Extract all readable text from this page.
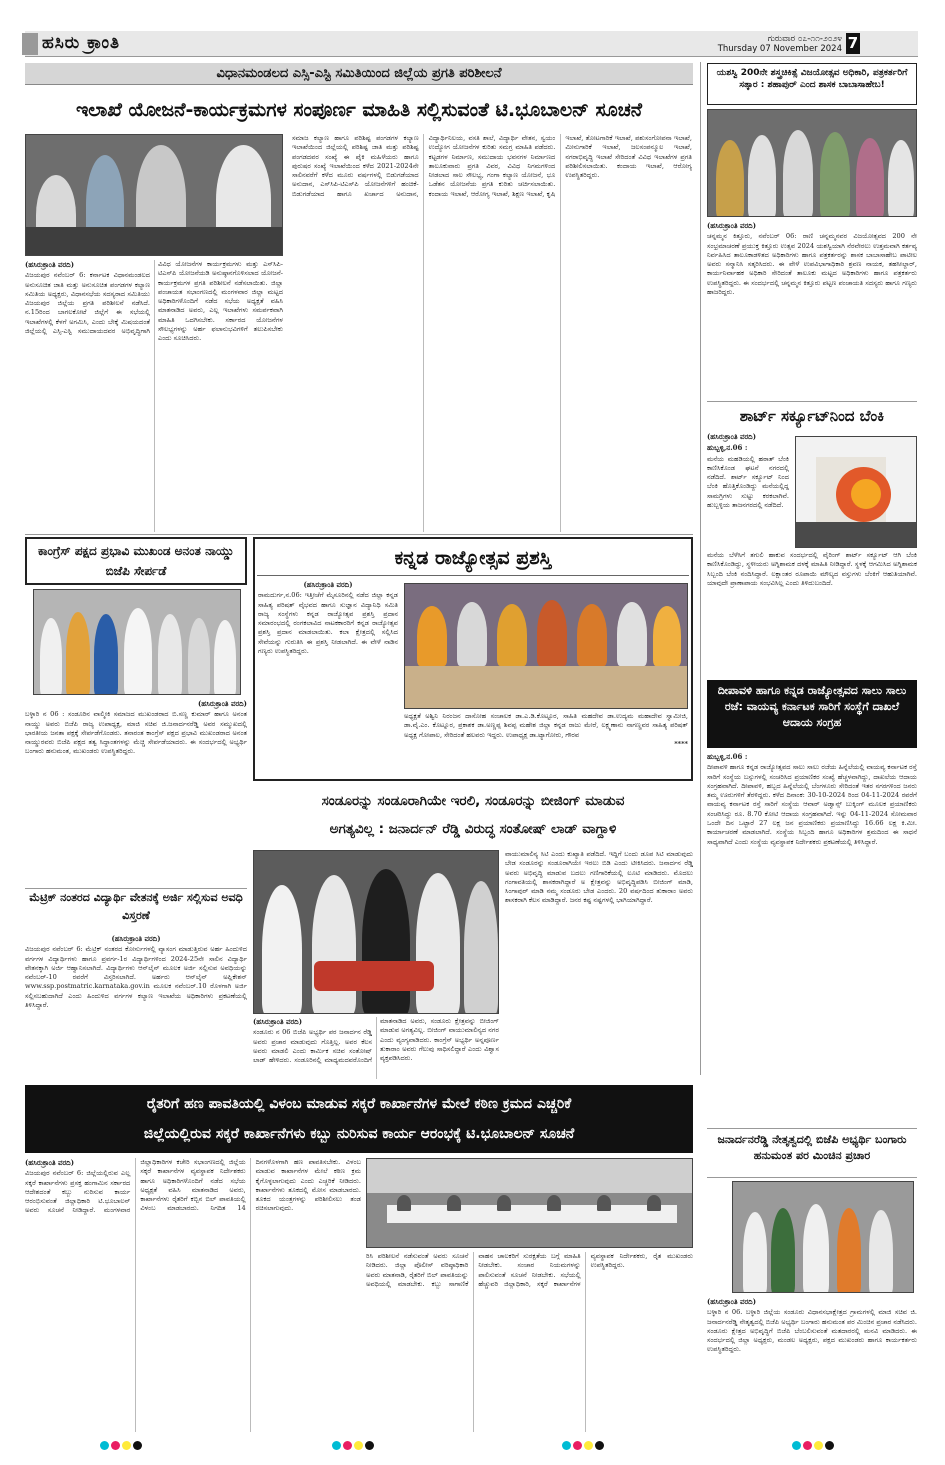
ಹಸಿರು ಕ್ರಾಂತಿ	ಗುರುವಾರ ೦೭-೧೧-೨೦೨೪
Thursday 07 November 2024 7
ವಿಧಾನಮಂಡಲದ ಎಸ್ಸಿ-ಎಸ್ಟಿ ಸಮಿತಿಯಿಂದ ಜಿಲ್ಲೆಯ ಪ್ರಗತಿ ಪರಿಶೀಲನೆ
ಇಲಾಖೆ ಯೋಜನೆ-ಕಾರ್ಯಕ್ರಮಗಳ ಸಂಪೂರ್ಣ ಮಾಹಿತಿ ಸಲ್ಲಿಸುವಂತೆ ಟಿ.ಭೂಬಾಲನ್ ಸೂಚನೆ
(ಹಸಿರುಕ್ರಾಂತಿ ವರದಿ)
ವಿಜಯಪುರ ನವೆಂಬರ್ 6: ಕರ್ನಾಟಕ ವಿಧಾನಮಂಡಲದ ಅನುಸೂಚಿತ ಜಾತಿ ಮತ್ತು ಅನುಸೂಚಿತ ಪಂಗಡಗಳ ಕಲ್ಯಾಣ ಸಮಿತಿಯ ಅಧ್ಯಕ್ಷರು, ವಿಧಾನಸಭೆಯ ಸದಸ್ಯರಾದ ಸಮಿತಿಯು ವಿಜಯಪುರ ಜಿಲ್ಲೆಯ ಪ್ರಗತಿ ಪರಿಶೀಲನೆ ನಡೆಸಿದೆ. ನ.15ರಿಂದ ಬಾಗಲಕೋಟೆ ಜಿಲ್ಲೆಗೆ ಈ ಸಭೆಯಲ್ಲಿ ಇಲಾಖೆಗಳಲ್ಲಿ ಕೆಳಗೆ ಅಗಮಿಸಿ, ಎಂದು ಬೇಕ್ಕೆ ಮಿಷಯದಂತೆ ಜಿಲ್ಲೆಯಲ್ಲಿ ಎಸ್ಸಿ-ಎಸ್ಟಿ ಸಮುದಾಯದವರ ಅಭಿವೃದ್ಧಿಗಾಗಿ ವಿವಿಧ ಯೋಜನೆಗಳ ಕಾರ್ಯಕ್ರಮಗಳು ಮತ್ತು ಎಸ್‌ಸಿಪಿ-ಟಿಎಸ್‌ಪಿ ಯೋಜನೆಯಡಿ ಅನುಷ್ಠಾನಗೊಳಿಸಲಾದ ಯೋಜನೆ-ಕಾರ್ಯಕ್ರಮಗಳ ಪ್ರಗತಿ ಪರಿಶೀಲನೆ ನಡೆಸಲಾಯಿತು. ಜಿಲ್ಲಾ ಪಂಚಾಯತ ಸಭಾಂಗಣದಲ್ಲಿ ಮಂಗಳವಾರ ಜಿಲ್ಲಾ ಮಟ್ಟದ ಅಧಿಕಾರಿಗಳೊಂದಿಗೆ ನಡೆದ ಸಭೆಯ ಅಧ್ಯಕ್ಷತೆ ವಹಿಸಿ ಮಾತನಾಡಿದ ಅವರು, ಎಲ್ಲ ಇಲಾಖೆಗಳು ಸಮರ್ಪಕವಾಗಿ ಮಾಹಿತಿ ಒದಗಿಸಬೇಕು. ಸರ್ಕಾರದ ಯೋಜನೆಗಳ ಸೌಲಭ್ಯಗಳನ್ನು ಅರ್ಹ ಫಲಾನುಭವಿಗಳಿಗೆ ತಲುಪಿಸಬೇಕು ಎಂದು ಸೂಚಿಸಿದರು.
ಸಮಾಜ ಕಲ್ಯಾಣ ಹಾಗೂ ಪರಿಶಿಷ್ಟ ಪಂಗಡಗಳ ಕಲ್ಯಾಣ ಇಲಾಖೆಯಿಂದ ಜಿಲ್ಲೆಯಲ್ಲಿ ಪರಿಶಿಷ್ಟ ಜಾತಿ ಮತ್ತು ಪರಿಶಿಷ್ಟ ಪಂಗಡದವರ ಸಂಖ್ಯೆ ಈ ಪೈಕಿ ಮಹಿಳೆಯರು ಹಾಗೂ ಪುರುಷರ ಸಂಖ್ಯೆ ಇಲಾಖೆಯಿಂದ ಕಳೆದ 2021-2024ನೇ ಸಾಲಿನವರೆಗೆ ಕಳೆದ ಮೂರು ವರ್ಷಗಳಲ್ಲಿ ಬಿಡುಗಡೆಯಾದ ಅನುದಾನ, ಎಸ್‌ಸಿಪಿ-ಟಿಎಸ್‌ಪಿ ಯೋಜನೆಗಳಿಗೆ ಹಂಚಿಕೆ-ಬಿಡುಗಡೆಯಾದ ಹಾಗೂ ಖರ್ಚಾದ ಅನುದಾನ, ವಿದ್ಯಾರ್ಥಿನಿಲಯ, ವಸತಿ ಶಾಲೆ, ವಿದ್ಯಾರ್ಥಿ ವೇತನ, ಸ್ವಯಂ ಉದ್ಯೋಗ ಯೋಜನೆಗಳ ಕುರಿತು ಸಮಗ್ರ ಮಾಹಿತಿ ಪಡೆದರು. ಕಟ್ಟಡಗಳ ನಿರ್ಮಾಣ, ಸಮುದಾಯ ಭವನಗಳ ನಿರ್ಮಾಣದ ತಾಲೂಕುವಾರು ಪ್ರಗತಿ ವಿವರ, ವಿವಿಧ ನಿಗಮಗಳಿಂದ ನೀಡಲಾದ ಸಾಲ ಸೌಲಭ್ಯ, ಗಂಗಾ ಕಲ್ಯಾಣ ಯೋಜನೆ, ಭೂ ಒಡೆತನ ಯೋಜನೆಯ ಪ್ರಗತಿ ಕುರಿತು ಚರ್ಚಿಸಲಾಯಿತು. ಕಂದಾಯ ಇಲಾಖೆ, ಆರೋಗ್ಯ ಇಲಾಖೆ, ಶಿಕ್ಷಣ ಇಲಾಖೆ, ಕೃಷಿ ಇಲಾಖೆ, ತೋಟಗಾರಿಕೆ ಇಲಾಖೆ, ಪಶುಸಂಗೋಪನಾ ಇಲಾಖೆ, ಮೀನುಗಾರಿಕೆ ಇಲಾಖೆ, ಜಲಸಂಪನ್ಮೂಲ ಇಲಾಖೆ, ನಗರಾಭಿವೃದ್ಧಿ ಇಲಾಖೆ ಸೇರಿದಂತೆ ವಿವಿಧ ಇಲಾಖೆಗಳ ಪ್ರಗತಿ ಪರಿಶೀಲಿಸಲಾಯಿತು. ಕಂದಾಯ ಇಲಾಖೆ, ಆರೋಗ್ಯ ಉಪಸ್ಥಿತರಿದ್ದರು.
ಯಶಸ್ವಿ 200ನೇ ಶಸ್ತ್ರಚಿಕಿತ್ಸೆ ವಿಜಯೋತ್ಸವ ಅಧಿಕಾರಿ, ಪತ್ರಕರ್ತರಿಗೆ ಸತ್ಕಾರ : ಶಹಾಪುರ್ ಎಂದ ಶಾಸಕ ಬಾಬಾಸಾಹೇಬ!
(ಹಸಿರುಕ್ರಾಂತಿ ವರದಿ)
ಚನ್ನಮ್ಮನ ಕಿತ್ತೂರು, ನವೆಂಬರ್ 06: ರಾಣಿ ಚನ್ನಮ್ಮನವರ ವಿಜಯೋತ್ಸವದ 200 ನೇ ಸಂಭ್ರಮಾಚರಣೆ ಪ್ರಯುಕ್ತ ಕಿತ್ತೂರು ಉತ್ಸವ 2024 ಯಶಸ್ವಿಯಾಗಿ ನೆರವೇರಲು ಉತ್ತಮವಾಗಿ ಕರ್ತವ್ಯ ನಿರ್ವಹಿಸಿದ ತಾಲೂಕಾಡಳಿತದ ಅಧಿಕಾರಿಗಳು ಹಾಗೂ ಪತ್ರಕರ್ತರನ್ನು ಶಾಸಕ ಬಾಬಾಸಾಹೇಬ ಪಾಟೀಲ ಅವರು ಸನ್ಮಾನಿಸಿ ಸತ್ಕರಿಸಿದರು. ಈ ವೇಳೆ ಉಪವಿಭಾಗಾಧಿಕಾರಿ ಶ್ರವಣ ನಾಯಕ, ತಹಸೀಲ್ದಾರ್, ಕಾರ್ಯನಿರ್ವಾಹಕ ಅಧಿಕಾರಿ ಸೇರಿದಂತೆ ತಾಲೂಕು ಮಟ್ಟದ ಅಧಿಕಾರಿಗಳು ಹಾಗೂ ಪತ್ರಕರ್ತರು ಉಪಸ್ಥಿತರಿದ್ದರು. ಈ ಸಂದರ್ಭದಲ್ಲಿ ಚನ್ನಮ್ಮನ ಕಿತ್ತೂರು ಪಟ್ಟಣ ಪಂಚಾಯತಿ ಸದಸ್ಯರು ಹಾಗೂ ಗಣ್ಯರು ಹಾಜರಿದ್ದರು.
ಶಾರ್ಟ್ ಸರ್ಕ್ಯೂಟ್‌ನಿಂದ ಬೆಂಕಿ
(ಹಸಿರುಕ್ರಾಂತಿ ವರದಿ)
ಹುಬ್ಬಳ್ಳಿ,ನ.06 :
ಮನೆಯ ಮಹಡಿಯಲ್ಲಿ ಹಠಾತ್ ಬೆಂಕಿ ಕಾಣಿಸಿಕೊಂಡ ಘಟನೆ ನಗರದಲ್ಲಿ ನಡೆದಿದೆ. ಶಾರ್ಟ್ ಸರ್ಕ್ಯೂಟ್ ನಿಂದ ಬೆಂಕಿ ಹೊತ್ತಿಕೊಂಡಿದ್ದು ಮನೆಯಲ್ಲಿದ್ದ ಸಾಮಗ್ರಿಗಳು ಸುಟ್ಟು ಕರಕಲಾಗಿವೆ. ಹುಬ್ಬಳ್ಳಿಯ ತಾಜನಗರದಲ್ಲಿ ನಡೆದಿದೆ.
ಮನೆಯ ಬೆಳೆಸಿಗೆ ತಗುಲಿ ಹಾಕುವ ಸಂದರ್ಭದಲ್ಲಿ ವೈರಿಂಗ್ ಶಾರ್ಟ್ ಸರ್ಕ್ಯೂಟ್ ಆಗಿ ಬೆಂಕಿ ಕಾಣಿಸಿಕೊಂಡಿದ್ದು, ಸ್ಥಳೀಯರು ಅಗ್ನಿಶಾಮಕ ದಳಕ್ಕೆ ಮಾಹಿತಿ ನೀಡಿದ್ದಾರೆ. ಸ್ಥಳಕ್ಕೆ ಆಗಮಿಸಿದ ಅಗ್ನಿಶಾಮಕ ಸಿಬ್ಬಂದಿ ಬೆಂಕಿ ನಂದಿಸಿದ್ದಾರೆ. ಲಕ್ಷಾಂತರ ರೂಪಾಯಿ ಮೌಲ್ಯದ ವಸ್ತುಗಳು ಬೆಂಕಿಗೆ ಆಹುತಿಯಾಗಿವೆ. ಯಾವುದೇ ಪ್ರಾಣಾಪಾಯ ಸಂಭವಿಸಿಲ್ಲ ಎಂದು ತಿಳಿದುಬಂದಿದೆ.
ದೀಪಾವಳಿ ಹಾಗೂ ಕನ್ನಡ ರಾಜ್ಯೋತ್ಸವದ ಸಾಲು ಸಾಲು ರಜೆ: ವಾಯವ್ಯ ಕರ್ನಾಟಕ ಸಾರಿಗೆ ಸಂಸ್ಥೆಗೆ ದಾಖಲೆ ಆದಾಯ ಸಂಗ್ರಹ
ಹುಬ್ಬಳ್ಳಿ,ನ.06 :
ದೀಪಾವಳಿ ಹಾಗೂ ಕನ್ನಡ ರಾಜ್ಯೋತ್ಸವದ ಸಾಲು ಸಾಲು ರಜೆಯ ಹಿನ್ನೆಲೆಯಲ್ಲಿ ವಾಯವ್ಯ ಕರ್ನಾಟಕ ರಸ್ತೆ ಸಾರಿಗೆ ಸಂಸ್ಥೆಯ ಬಸ್ಸುಗಳಲ್ಲಿ ಸಂಚರಿಸಿದ ಪ್ರಯಾಣಿಕರ ಸಂಖ್ಯೆ ಹೆಚ್ಚಳವಾಗಿದ್ದು, ದಾಖಲೆಯ ಆದಾಯ ಸಂಗ್ರಹವಾಗಿದೆ. ದೀಪಾವಳಿ, ಹಬ್ಬದ ಹಿನ್ನೆಲೆಯಲ್ಲಿ ಬೆಂಗಳೂರು ಸೇರಿದಂತೆ ಇತರ ನಗರಗಳಿಂದ ಜನರು ತಮ್ಮ ಊರುಗಳಿಗೆ ತೆರಳಿದ್ದರು. ಕಳೆದ ದಿನಾಂಕ: 30-10-2024 ರಿಂದ 04-11-2024 ರವರೆಗೆ ವಾಯವ್ಯ ಕರ್ನಾಟಕ ರಸ್ತೆ ಸಾರಿಗೆ ಸಂಸ್ಥೆಯ ಆವಾರ್ ಅಡ್ವಾನ್ಸ್ ಬುಕ್ಕಿಂಗ್ ಮೂಲಕ ಪ್ರಯಾಣಿಕರು ಸಂಚರಿಸಿದ್ದು ರೂ. 8.70 ಕೋಟಿ ಆದಾಯ ಸಂಗ್ರಹವಾಗಿದೆ. ಇನ್ನು 04-11-2024 ಸೋಮವಾರ ಒಂದೇ ದಿನ ಒಟ್ಟಾರೆ 27 ಲಕ್ಷ ಜನ ಪ್ರಯಾಣಿಕರು ಪ್ರಯಾಣಿಸಿದ್ದು 16.66 ಲಕ್ಷ ಕಿ.ಮೀ. ಕಾರ್ಯಾಚರಣೆ ಮಾಡಲಾಗಿದೆ. ಸಂಸ್ಥೆಯ ಸಿಬ್ಬಂದಿ ಹಾಗೂ ಅಧಿಕಾರಿಗಳ ಶ್ರಮದಿಂದ ಈ ಸಾಧನೆ ಸಾಧ್ಯವಾಗಿದೆ ಎಂದು ಸಂಸ್ಥೆಯ ವ್ಯವಸ್ಥಾಪಕ ನಿರ್ದೇಶಕರು ಪ್ರಕಟಣೆಯಲ್ಲಿ ತಿಳಿಸಿದ್ದಾರೆ.
ಜನಾರ್ದನರೆಡ್ಡಿ ನೇತೃತ್ವದಲ್ಲಿ ಬಿಜೆಪಿ ಅಭ್ಯರ್ಥಿ ಬಂಗಾರು ಹನುಮಂತ ಪರ ಮಿಂಚಿನ ಪ್ರಚಾರ
(ಹಸಿರುಕ್ರಾಂತಿ ವರದಿ)
ಬಳ್ಳಾರಿ ನ 06. ಬಳ್ಳಾರಿ ಜಿಲ್ಲೆಯ ಸಂಡೂರು ವಿಧಾನಸಭಾಕ್ಷೇತ್ರದ ಗ್ರಾಮಗಳಲ್ಲಿ ಮಾಜಿ ಸಚಿವ ಜಿ. ಜನಾರ್ದನರೆಡ್ಡಿ ನೇತೃತ್ವದಲ್ಲಿ ಬಿಜೆಪಿ ಅಭ್ಯರ್ಥಿ ಬಂಗಾರು ಹನುಮಂತ ಪರ ಮಿಂಚಿನ ಪ್ರಚಾರ ನಡೆಸಿದರು. ಸಂಡೂರು ಕ್ಷೇತ್ರದ ಅಭಿವೃದ್ಧಿಗೆ ಬಿಜೆಪಿ ಬೆಂಬಲಿಸುವಂತೆ ಮತದಾರರಲ್ಲಿ ಮನವಿ ಮಾಡಿದರು. ಈ ಸಂದರ್ಭದಲ್ಲಿ ಜಿಲ್ಲಾ ಅಧ್ಯಕ್ಷರು, ಮಂಡಲ ಅಧ್ಯಕ್ಷರು, ಪಕ್ಷದ ಮುಖಂಡರು ಹಾಗೂ ಕಾರ್ಯಕರ್ತರು ಉಪಸ್ಥಿತರಿದ್ದರು.
ಕಾಂಗ್ರೆಸ್ ಪಕ್ಷದ ಪ್ರಭಾವಿ ಮುಖಂಡ ಅನಂತ ನಾಯ್ಡು ಬಿಜೆಪಿ ಸೇರ್ಪಡೆ
(ಹಸಿರುಕ್ರಾಂತಿ ವರದಿ)
ಬಳ್ಳಾರಿ ನ 06 : ಸಂಡೂರಿನ ವಾಲ್ಮೀಕಿ ಸಮಾಜದ ಮುಖಂಡರಾದ ಬಿ.ಸಣ್ಣ ಕುಮಾರ್ ಹಾಗೂ ಅನಂತ ನಾಯ್ಡು ಅವರು ಬಿಜೆಪಿ ರಾಜ್ಯ ಉಪಾಧ್ಯಕ್ಷ, ಮಾಜಿ ಸಚಿವ ಜಿ.ಜನಾರ್ದನರೆಡ್ಡಿ ಅವರ ಸಮ್ಮುಖದಲ್ಲಿ ಭಾರತೀಯ ಜನತಾ ಪಕ್ಷಕ್ಕೆ ಸೇರ್ಪಡೆಗೊಂಡರು. ತನಾರಂತ ಕಾಂಗ್ರೆಸ್ ಪಕ್ಷದ ಪ್ರಭಾವಿ ಮುಖಂಡರಾದ ಅನಂತ ನಾಯ್ಡುರವರು ಬಿಜೆಪಿ ಪಕ್ಷದ ತತ್ವ ಸಿದ್ಧಾಂತಗಳನ್ನು ಮೆಚ್ಚಿ ಸೇರ್ಪಡೆಯಾದರು. ಈ ಸಂದರ್ಭದಲ್ಲಿ ಅಭ್ಯರ್ಥಿ ಬಂಗಾರು ಹನುಮಂತ, ಮುಖಂಡರು ಉಪಸ್ಥಿತರಿದ್ದರು.
ಮೆಟ್ರಿಕ್ ನಂತರದ ವಿದ್ಯಾರ್ಥಿ ವೇತನಕ್ಕೆ ಅರ್ಜಿ ಸಲ್ಲಿಸುವ ಅವಧಿ ವಿಸ್ತರಣೆ
(ಹಸಿರುಕ್ರಾಂತಿ ವರದಿ)
ವಿಜಯಪುರ ನವೆಂಬರ್ 6: ಮೆಟ್ರಿಕ್ ನಂತರದ ಕೋರ್ಸುಗಳಲ್ಲಿ ವ್ಯಾಸಂಗ ಮಾಡುತ್ತಿರುವ ಅರ್ಹ ಹಿಂದುಳಿದ ವರ್ಗಗಳ ವಿದ್ಯಾರ್ಥಿಗಳು ಹಾಗೂ ಪ್ರವರ್ಗ-1ರ ವಿದ್ಯಾರ್ಥಿಗಳಿಂದ 2024-25ನೇ ಸಾಲಿನ ವಿದ್ಯಾರ್ಥಿ ವೇತನಕ್ಕಾಗಿ ಅರ್ಜಿ ಆಹ್ವಾನಿಸಲಾಗಿದೆ. ವಿದ್ಯಾರ್ಥಿಗಳು ಆನ್‌ಲೈನ್ ಮೂಲಕ ಅರ್ಜಿ ಸಲ್ಲಿಸುವ ಅವಧಿಯನ್ನು ನವೆಂಬರ್-10 ರವರೆಗೆ ವಿಸ್ತರಿಸಲಾಗಿದೆ. ಅರ್ಹರು ಆನ್‌ಲೈನ್ ಅಪ್ಲಿಕೇಶನ್ www.ssp.postmatric.karnataka.gov.in ಮೂಲಕ ನವೆಂಬರ್.10 ರೊಳಗಾಗಿ ಅರ್ಜಿ ಸಲ್ಲಿಸಬಹುದಾಗಿದೆ ಎಂದು ಹಿಂದುಳಿದ ವರ್ಗಗಳ ಕಲ್ಯಾಣ ಇಲಾಖೆಯ ಅಧಿಕಾರಿಗಳು ಪ್ರಕಟಣೆಯಲ್ಲಿ ತಿಳಿಸಿದ್ದಾರೆ.
ಕನ್ನಡ ರಾಜ್ಯೋತ್ಸವ ಪ್ರಶಸ್ತಿ
(ಹಸಿರುಕ್ರಾಂತಿ ವರದಿ)
ರಾಮದುರ್ಗ,ನ.06: ಇತ್ತೀಚೆಗೆ ಮೈಸೂರಿನಲ್ಲಿ ನಡೆದ ಜಿಲ್ಲಾ ಕನ್ನಡ ಸಾಹಿತ್ಯ ಪರಿಷತ್ ವೈಭವದ ಹಾಗೂ ಸುಜ್ಞಾನ ವಿದ್ಯಾನಿಧಿ ಸಮಿತಿ ರಾಜ್ಯ ಸಂಸ್ಥೆಗಳು ಕನ್ನಡ ರಾಜ್ಯೋತ್ಸವ ಪ್ರಶಸ್ತಿ ಪ್ರದಾನ ಸಮಾರಂಭದಲ್ಲಿ ರಂಗಕಲಾವಿದ ನಾಟಕಕಾರರಿಗೆ ಕನ್ನಡ ರಾಜ್ಯೋತ್ಸವ ಪ್ರಶಸ್ತಿ ಪ್ರದಾನ ಮಾಡಲಾಯಿತು. ಕಲಾ ಕ್ಷೇತ್ರದಲ್ಲಿ ಸಲ್ಲಿಸಿದ ಸೇವೆಯನ್ನು ಗುರುತಿಸಿ ಈ ಪ್ರಶಸ್ತಿ ನೀಡಲಾಗಿದೆ. ಈ ವೇಳೆ ನಾಡಿನ ಗಣ್ಯರು ಉಪಸ್ಥಿತರಿದ್ದರು.
ಅಧ್ಯಕ್ಷತೆ ಅಶ್ವಿನಿ ನಿರಂಜನ ದಾಸೋಹ ಸಂಚಾಲಕ ಡಾ.ಎ.ಡಿ.ಕೊಟ್ಟೂರ, ಸಾಹಿತಿ ಮಹದೇವ ಡಾ.ಉದ್ಯಮ ಮಹಾದೇವ ಸ್ವಾಮೀಜಿ, ಡಾ.ವೈ.ಎಂ. ಕೊಟ್ನೂರ, ಪ್ರಕಾಶಕ ಡಾ.ಅಣ್ಣಪ್ಪ ಶಿವಪ್ಪ ಮಹೇಶ ಜಿಲ್ಲಾ ಕನ್ನಡ ರಾಜು ಮೇರೆ, ಲಕ್ಷ್ಮಣಾನು ನಾಗಣ್ಣವರ ಸಾಹಿತ್ಯ ಪರಿಷತ್ ಅಧ್ಯಕ್ಷ ಗೋಪಾಲ, ಸೇರಿದಂತೆ ಹಲವರು ಇದ್ದರು. ಉಪಾಧ್ಯಕ್ಷ ಡಾ.ಟ್ಯಾಗೋರು, ಗೌರವ
****
ಸಂಡೂರನ್ನು ಸಂಡೂರಾಗಿಯೇ ಇರಲಿ, ಸಂಡೂರನ್ನು ಬೀಜಿಂಗ್ ಮಾಡುವ
ಅಗತ್ಯವಿಲ್ಲ : ಜನಾರ್ದನ್ ರೆಡ್ಡಿ ವಿರುದ್ಧ ಸಂತೋಷ್ ಲಾಡ್ ವಾಗ್ದಾಳಿ
ವಾಯುಮಾಲಿನ್ಯ ಸಿಟಿ ಎಂದು ಕುಖ್ಯಾತಿ ಪಡೆದಿದೆ. ಇದ್ದಿಗೆ ಬಂದು ಡೂಪ ಸಿಟಿ ಮಾಡುವುದು ಬೇಡ ಸಂಡೂರನ್ನು ಸಂಡೂರಾಗಿಯೇ ಇರಲು ಬಿಡಿ ಎಂದು ಟೀಕಿಸಿದರು. ಜನಾರ್ದನ ರೆಡ್ಡಿ ಅವರು ಅಭಿವೃದ್ಧಿ ಮಾಡುವ ಬದಲು ಗಣಿಗಾರಿಕೆಯಲ್ಲಿ ಲೂಟಿ ಮಾಡಿದರು. ಮೊದಲು ಗಂಗಾವತಿಯಲ್ಲಿ ಶಾಸಕರಾಗಿದ್ದಾರೆ ಅ ಕ್ಷೇತ್ರವನ್ನು ಅಭಿವೃದ್ಧಿಪಡಿಸಿ ಬೀಜಿಂಗ್ ಮಾಡಿ, ಸಿಂಗಾಪುರ್ ಮಾಡಿ ನಮ್ಮ ಸಂಡೂರು ಬೇಡ ಎಂದರು. 20 ವರ್ಷದಿಂದ ತುಕಾರಾಂ ಅವರು ಶಾಸಕರಾಗಿ ಕೆಲಸ ಮಾಡಿದ್ದಾರೆ. ಜನರ ಕಷ್ಟ ನಷ್ಟಗಳಲ್ಲಿ ಭಾಗಿಯಾಗಿದ್ದಾರೆ.
(ಹಸಿರುಕ್ರಾಂತಿ ವರದಿ)
ಸಂಡೂರು ನ 06 ಬಿಜೆಪಿ ಅಭ್ಯರ್ಥಿ ಪರ ಜನಾರ್ದನ ರೆಡ್ಡಿ ಅವರು ಪ್ರಚಾರ ಮಾಡುವುದು ಗೊತ್ತಿಲ್ಲ. ಅವರ ಕೆಲಸ ಅವರು ಮಾಡಲಿ ಎಂದು ಕಾರ್ಮಿಕ ಸಚಿವ ಸಂತೋಷ್ ಲಾಡ್ ಹೇಳಿದರು. ಸಂಡೂರಿನಲ್ಲಿ ಮಾಧ್ಯಮದವರೊಂದಿಗೆ ಮಾತನಾಡಿದ ಅವರು, ಸಂಡೂರು ಕ್ಷೇತ್ರವನ್ನು ಬೀಜಿಂಗ್ ಮಾಡುವ ಅಗತ್ಯವಿಲ್ಲ. ಬೀಜಿಂಗ್ ವಾಯುಮಾಲಿನ್ಯದ ನಗರ ಎಂದು ವ್ಯಂಗ್ಯವಾಡಿದರು. ಕಾಂಗ್ರೆಸ್ ಅಭ್ಯರ್ಥಿ ಅನ್ನಪೂರ್ಣ ತುಕಾರಾಂ ಅವರು ಗೆಲುವು ಸಾಧಿಸಲಿದ್ದಾರೆ ಎಂದು ವಿಶ್ವಾಸ ವ್ಯಕ್ತಪಡಿಸಿದರು.
ರೈತರಿಗೆ ಹಣ ಪಾವತಿಯಲ್ಲಿ ವಿಳಂಬ ಮಾಡುವ ಸಕ್ಕರೆ ಕಾರ್ಖಾನೆಗಳ ಮೇಲೆ ಕಠಿಣ ಕ್ರಮದ ಎಚ್ಚರಿಕೆ
ಜಿಲ್ಲೆಯಲ್ಲಿರುವ ಸಕ್ಕರೆ ಕಾರ್ಖಾನೆಗಳು ಕಬ್ಬು ನುರಿಸುವ ಕಾರ್ಯ ಆರಂಭಕ್ಕೆ ಟಿ.ಭೂಬಾಲನ್ ಸೂಚನೆ
(ಹಸಿರುಕ್ರಾಂತಿ ವರದಿ)
ವಿಜಯಪುರ ನವೆಂಬರ್ 6: ಜಿಲ್ಲೆಯಲ್ಲಿರುವ ಎಲ್ಲ ಸಕ್ಕರೆ ಕಾರ್ಖಾನೆಗಳು ಪ್ರಸಕ್ತ ಹಂಗಾಮಿನ ಸರ್ಕಾರದ ಆದೇಶದಂತೆ ಕಬ್ಬು ನುರಿಸುವ ಕಾರ್ಯ ಆರಂಭಿಸುವಂತೆ ಜಿಲ್ಲಾಧಿಕಾರಿ ಟಿ.ಭೂಬಾಲನ್ ಅವರು ಸೂಚನೆ ನೀಡಿದ್ದಾರೆ. ಮಂಗಳವಾರ ಜಿಲ್ಲಾಧಿಕಾರಿಗಳ ಕಚೇರಿ ಸಭಾಂಗಣದಲ್ಲಿ ಜಿಲ್ಲೆಯ ಸಕ್ಕರೆ ಕಾರ್ಖಾನೆಗಳ ವ್ಯವಸ್ಥಾಪಕ ನಿರ್ದೇಶಕರು ಹಾಗೂ ಅಧಿಕಾರಿಗಳೊಂದಿಗೆ ನಡೆದ ಸಭೆಯ ಅಧ್ಯಕ್ಷತೆ ವಹಿಸಿ ಮಾತನಾಡಿದ ಅವರು, ಕಾರ್ಖಾನೆಗಳು ರೈತರಿಗೆ ಕಬ್ಬಿನ ಬಿಲ್ ಪಾವತಿಯಲ್ಲಿ ವಿಳಂಬ ಮಾಡಬಾರದು. ನಿಗದಿತ 14 ದಿನಗಳೊಳಗಾಗಿ ಹಣ ಪಾವತಿಸಬೇಕು. ವಿಳಂಬ ಮಾಡುವ ಕಾರ್ಖಾನೆಗಳ ಮೇಲೆ ಕಠಿಣ ಕ್ರಮ ಕೈಗೊಳ್ಳಲಾಗುವುದು ಎಂದು ಎಚ್ಚರಿಕೆ ನೀಡಿದರು. ಕಾರ್ಖಾನೆಗಳು ತೂಕದಲ್ಲಿ ಮೋಸ ಮಾಡಬಾರದು. ತೂಕದ ಯಂತ್ರಗಳನ್ನು ಪರಿಶೀಲಿಸಲು ತಂಡ ರಚಿಸಲಾಗುವುದು.
ರಿಸಿ ಪರಿಶೀಲನೆ ನಡೆಸುವಂತೆ ಅವರು ಸೂಚನೆ ನೀಡಿದರು. ಜಿಲ್ಲಾ ಪೊಲೀಸ್ ವರಿಷ್ಠಾಧಿಕಾರಿ ಅವರು ಮಾತನಾಡಿ, ರೈತರಿಗೆ ಬಿಲ್ ಪಾವತಿಯನ್ನು ಅವಧಿಯಲ್ಲಿ ಮಾಡಬೇಕು. ಕಬ್ಬು ಸಾಗಾಣಿಕೆ ವಾಹನ ಚಾಲಕರಿಗೆ ಸುರಕ್ಷತೆಯ ಬಗ್ಗೆ ಮಾಹಿತಿ ನೀಡಬೇಕು. ಸಂಚಾರ ನಿಯಮಗಳನ್ನು ಪಾಲಿಸುವಂತೆ ಸೂಚನೆ ನೀಡಬೇಕು. ಸಭೆಯಲ್ಲಿ ಹೆಚ್ಚುವರಿ ಜಿಲ್ಲಾಧಿಕಾರಿ, ಸಕ್ಕರೆ ಕಾರ್ಖಾನೆಗಳ ವ್ಯವಸ್ಥಾಪಕ ನಿರ್ದೇಶಕರು, ರೈತ ಮುಖಂಡರು ಉಪಸ್ಥಿತರಿದ್ದರು.
